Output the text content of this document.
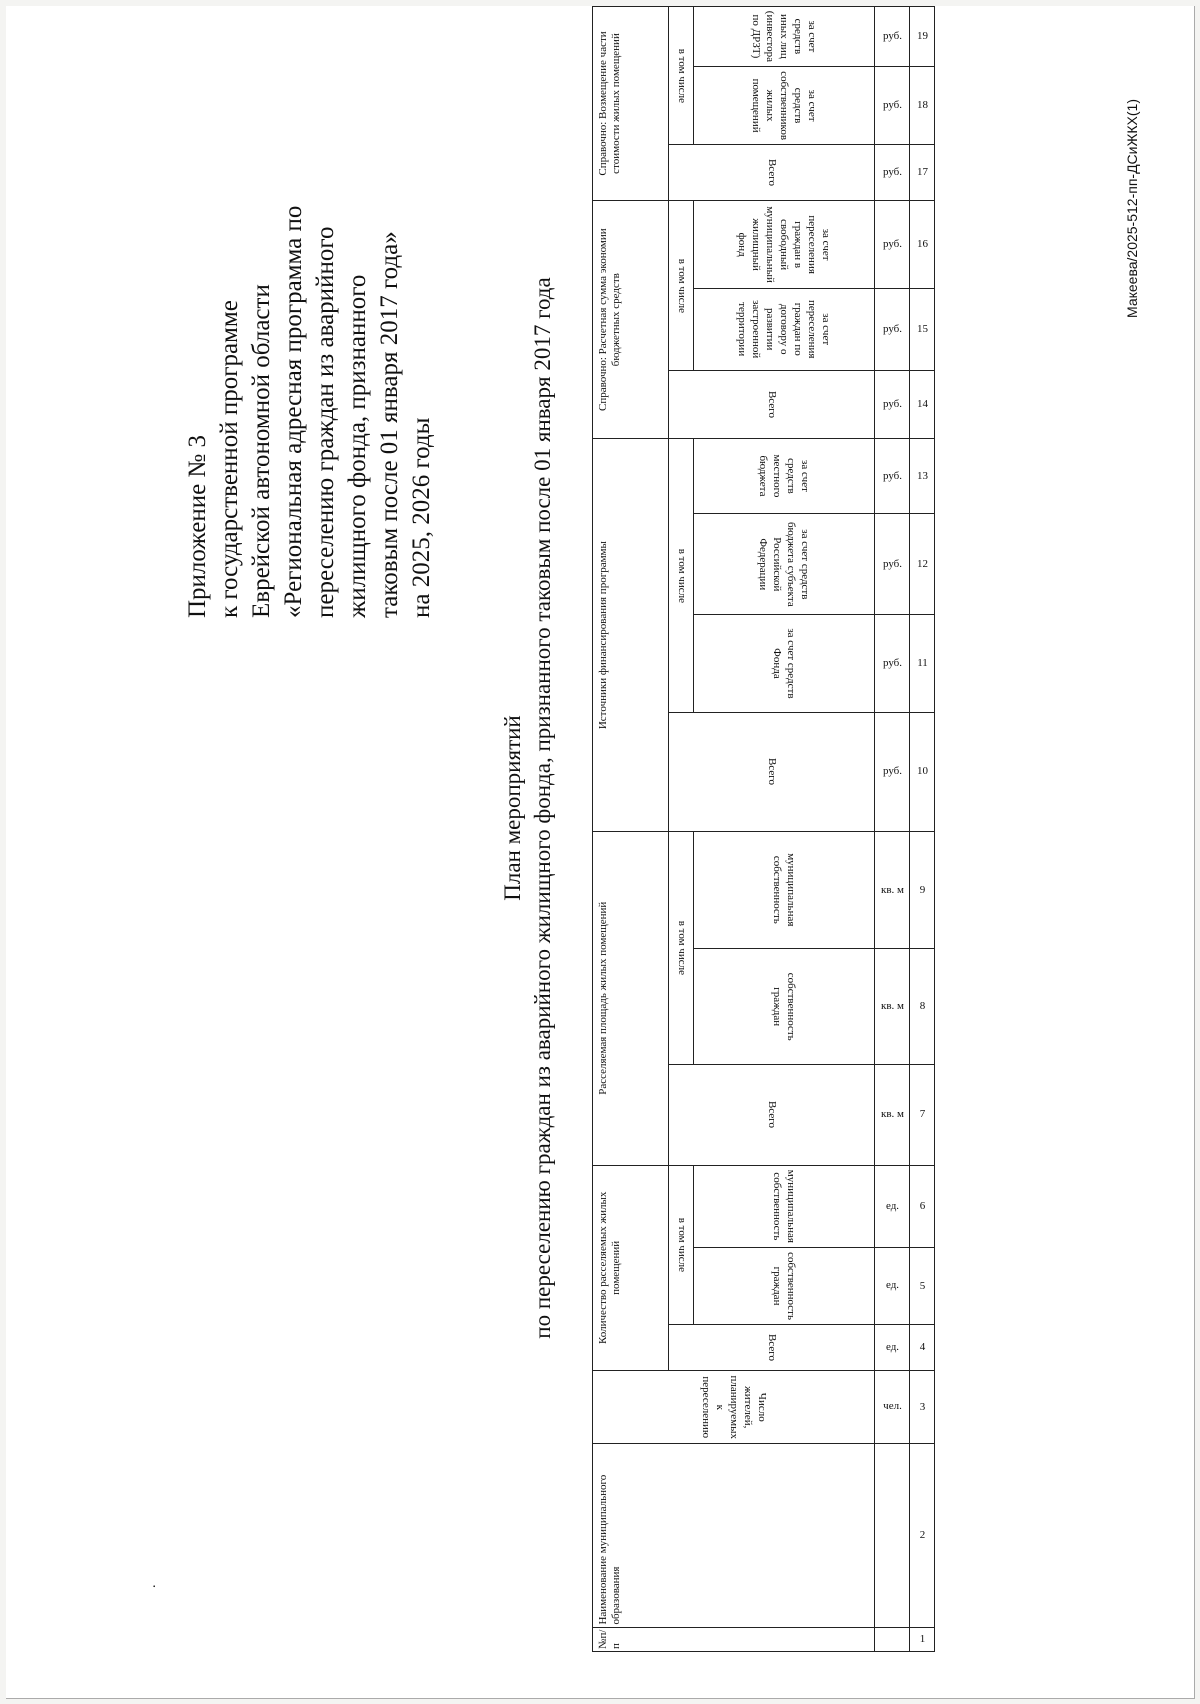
.
Приложение № 3 к государственной программе Еврейской автономной области «Региональная адресная программа по переселению граждан из аварийного жилищного фонда, признанного таковым после 01 января 2017 года» на 2025, 2026 годы
План мероприятий по переселению граждан из аварийного жилищного фонда, признанного таковым после 01 января 2017 года
№п/п	Наименование муниципального образования	Число жителей, планируемых к переселению	Количество расселяемых жилых помещений			Расселяемая площадь жилых помещений			Источники финансирования программы				Справочно: Расчетная сумма экономии бюджетных средств			Справочно: Возмещение части стоимости жилых помещений		
			Всего	в том числе		Всего	в том числе		Всего	в том числе			Всего	в том числе		Всего	в том числе	
				собственность граждан	муниципальная собственность		собственность граждан	муниципальная собственность		за счет средств Фонда	за счет средств бюджета субъекта Российской Федерации	за счет средств местного бюджета		за счет переселения граждан по договору о развитии застроенной территории	за счет переселения граждан в свободный муниципальный жилищный фонд		за счет средств собственников жилых помещений	за счет средств иных лиц (инвестора по ДРЗТ)
		чел.	ед.	ед.	ед.	кв. м	кв. м	кв. м	руб.	руб.	руб.	руб.	руб.	руб.	руб.	руб.	руб.	руб.
1	2	3	4	5	6	7	8	9	10	11	12	13	14	15	16	17	18	19
Макеева/2025-512-пп-ДСиЖКХ(1)
